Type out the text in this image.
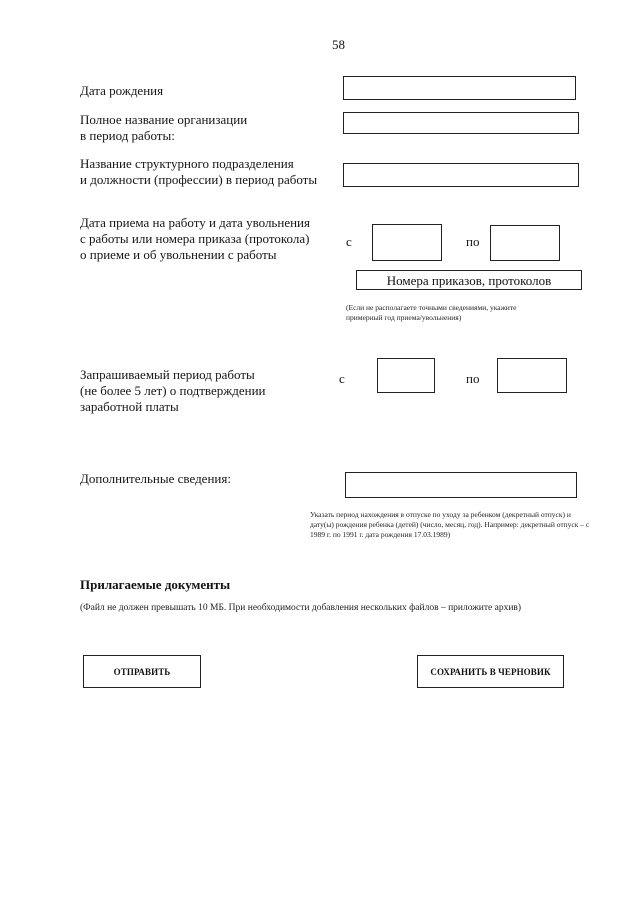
58
Дата рождения
Полное название организации
в период работы:
Название структурного подразделения
и должности (профессии) в период работы
Дата приема на работу и дата увольнения
с работы или номера приказа (протокола)
о приеме и об увольнении с работы
с	по
Номера приказов, протоколов
(Если не располагаете точными сведениями, укажите
примерный год приема/увольнения)
Запрашиваемый период работы
(не более 5 лет) о подтверждении
заработной платы
с	по
Дополнительные сведения:
Указать период нахождения в отпуске по уходу за ребенком (декретный отпуск) и
дату(ы) рождения ребенка (детей) (число, месяц, год). Например: декретный отпуск – с
1989 г. по 1991 г. дата рождения 17.03.1989)
Прилагаемые документы
(Файл не должен превышать 10 МБ. При необходимости добавления нескольких файлов – приложите архив)
ОТПРАВИТЬ	СОХРАНИТЬ В ЧЕРНОВИК
